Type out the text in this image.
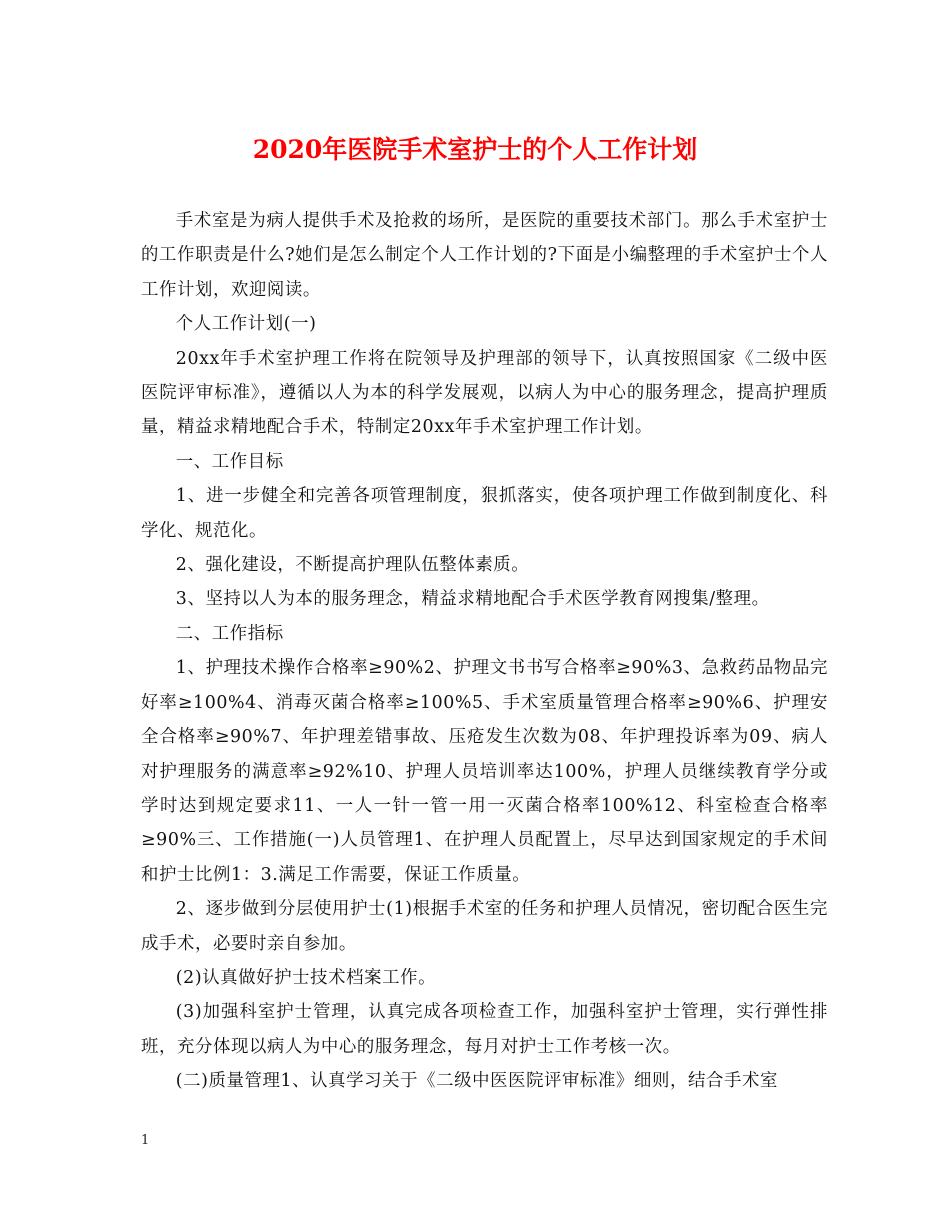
2020年医院手术室护士的个人工作计划

手术室是为病人提供手术及抢救的场所，是医院的重要技术部门。那么手术室护士的工作职责是什么?她们是怎么制定个人工作计划的?下面是小编整理的手术室护士个人工作计划，欢迎阅读。

个人工作计划(一)

20xx年手术室护理工作将在院领导及护理部的领导下，认真按照国家《二级中医医院评审标准》，遵循以人为本的科学发展观，以病人为中心的服务理念，提高护理质量，精益求精地配合手术，特制定20xx年手术室护理工作计划。

一、工作目标

1、进一步健全和完善各项管理制度，狠抓落实，使各项护理工作做到制度化、科学化、规范化。

2、强化建设，不断提高护理队伍整体素质。

3、坚持以人为本的服务理念，精益求精地配合手术医学教育网搜集/整理。

二、工作指标

1、护理技术操作合格率≥90%2、护理文书书写合格率≥90%3、急救药品物品完好率≥100%4、消毒灭菌合格率≥100%5、手术室质量管理合格率≥90%6、护理安全合格率≥90%7、年护理差错事故、压疮发生次数为08、年护理投诉率为09、病人对护理服务的满意率≥92%10、护理人员培训率达100%，护理人员继续教育学分或学时达到规定要求11、一人一针一管一用一灭菌合格率100%12、科室检查合格率≥90%三、工作措施(一)人员管理1、在护理人员配置上，尽早达到国家规定的手术间和护士比例1：3.满足工作需要，保证工作质量。

2、逐步做到分层使用护士(1)根据手术室的任务和护理人员情况，密切配合医生完成手术，必要时亲自参加。

(2)认真做好护士技术档案工作。

(3)加强科室护士管理，认真完成各项检查工作，加强科室护士管理，实行弹性排班，充分体现以病人为中心的服务理念，每月对护士工作考核一次。

(二)质量管理1、认真学习关于《二级中医医院评审标准》细则，结合手术室

1
